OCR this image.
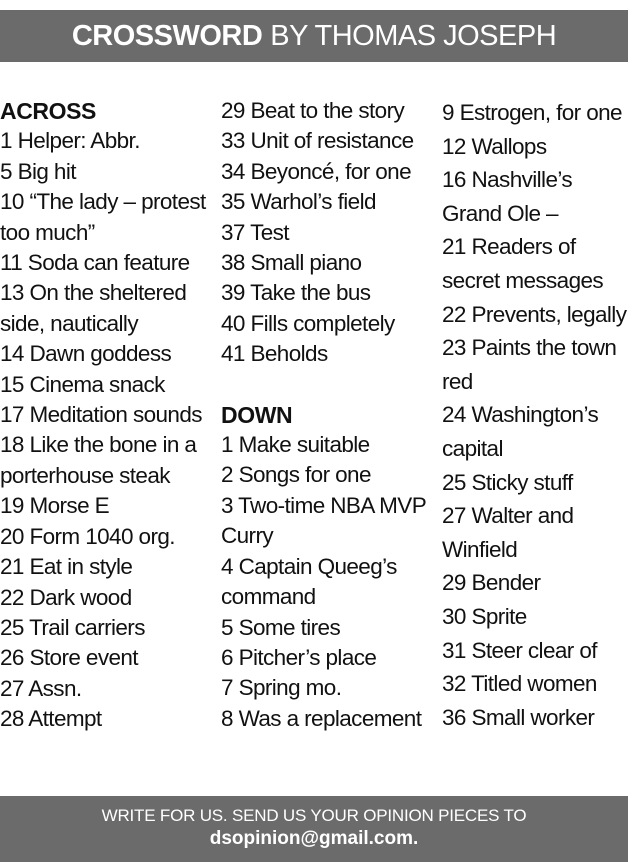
CROSSWORD BY THOMAS JOSEPH
ACROSS
1 Helper: Abbr.
5 Big hit
10 “The lady – protest too much”
11 Soda can feature
13 On the sheltered side, nautically
14 Dawn goddess
15 Cinema snack
17 Meditation sounds
18 Like the bone in a porterhouse steak
19 Morse E
20 Form 1040 org.
21 Eat in style
22 Dark wood
25 Trail carriers
26 Store event
27 Assn.
28 Attempt
29 Beat to the story
33 Unit of resistance
34 Beyoncé, for one
35 Warhol’s field
37 Test
38 Small piano
39 Take the bus
40 Fills completely
41 Beholds
DOWN
1 Make suitable
2 Songs for one
3 Two-time NBA MVP Curry
4 Captain Queeg’s command
5 Some tires
6 Pitcher’s place
7 Spring mo.
8 Was a replacement
9 Estrogen, for one
12 Wallops
16 Nashville’s Grand Ole –
21 Readers of secret messages
22 Prevents, legally
23 Paints the town red
24 Washington’s capital
25 Sticky stuff
27 Walter and Winfield
29 Bender
30 Sprite
31 Steer clear of
32 Titled women
36 Small worker
WRITE FOR US. SEND US YOUR OPINION PIECES TO
dsopinion@gmail.com.
